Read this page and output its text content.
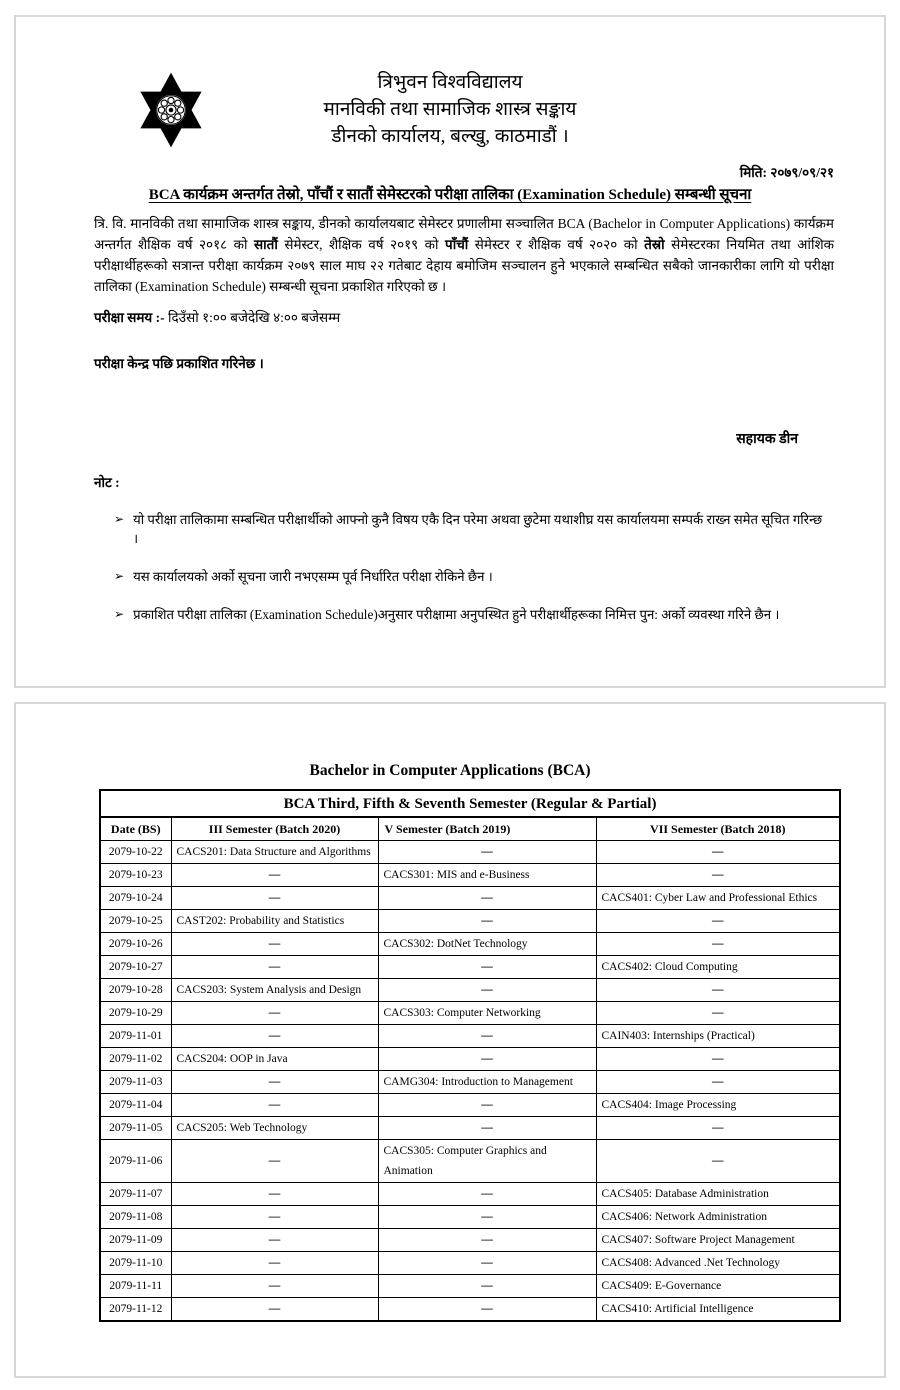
त्रिभुवन विश्वविद्यालय
मानविकी तथा सामाजिक शास्त्र सङ्काय
डीनको कार्यालय, बल्खु, काठमाडौं ।
मिति: २०७९/०९/२१
BCA कार्यक्रम अन्तर्गत तेस्रो, पाँचौं र सातौं सेमेस्टरको परीक्षा तालिका (Examination Schedule) सम्बन्धी सूचना

त्रि. वि. मानविकी तथा सामाजिक शास्त्र सङ्काय, डीनको कार्यालयबाट सेमेस्टर प्रणालीमा सञ्चालित BCA (Bachelor in Computer Applications) कार्यक्रम अन्तर्गत शैक्षिक वर्ष २०१८ को सातौं सेमेस्टर, शैक्षिक वर्ष २०१९ को पाँचौं सेमेस्टर र शैक्षिक वर्ष २०२० को तेस्रो सेमेस्टरका नियमित तथा आंशिक परीक्षार्थीहरूको सत्रान्त परीक्षा कार्यक्रम २०७९ साल माघ २२ गतेबाट देहाय बमोजिम सञ्चालन हुने भएकाले सम्बन्धित सबैको जानकारीका लागि यो परीक्षा तालिका (Examination Schedule) सम्बन्धी सूचना प्रकाशित गरिएको छ ।

परीक्षा समय :- दिउँसो १:०० बजेदेखि ४:०० बजेसम्म
परीक्षा केन्द्र पछि प्रकाशित गरिनेछ ।
सहायक डीन
नोट :
➢ यो परीक्षा तालिकामा सम्बन्धित परीक्षार्थीको आफ्नो कुनै विषय एकै दिन परेमा अथवा छुटेमा यथाशीघ्र यस कार्यालयमा सम्पर्क राख्न समेत सूचित गरिन्छ ।
➢ यस कार्यालयको अर्को सूचना जारी नभएसम्म पूर्व निर्धारित परीक्षा रोकिने छैन ।
➢ प्रकाशित परीक्षा तालिका (Examination Schedule)अनुसार परीक्षामा अनुपस्थित हुने परीक्षार्थीहरूका निमित्त पुन: अर्को व्यवस्था गरिने छैन ।
Bachelor in Computer Applications (BCA)
BCA Third, Fifth & Seventh Semester (Regular & Partial)			
Date (BS)	III Semester (Batch 2020)	V Semester (Batch 2019)	VII Semester (Batch 2018)
2079-10-22	CACS201: Data Structure and Algorithms	—	—
2079-10-23	—	CACS301: MIS and e-Business	—
2079-10-24	—	—	CACS401: Cyber Law and Professional Ethics
2079-10-25	CAST202: Probability and Statistics	—	—
2079-10-26	—	CACS302: DotNet Technology	—
2079-10-27	—	—	CACS402: Cloud Computing
2079-10-28	CACS203: System Analysis and Design	—	—
2079-10-29	—	CACS303: Computer Networking	—
2079-11-01	—	—	CAIN403: Internships (Practical)
2079-11-02	CACS204: OOP in Java	—	—
2079-11-03	—	CAMG304: Introduction to Management	—
2079-11-04	—	—	CACS404: Image Processing
2079-11-05	CACS205: Web Technology	—	—
2079-11-06	—	CACS305: Computer Graphics and Animation	—
2079-11-07	—	—	CACS405: Database Administration
2079-11-08	—	—	CACS406: Network Administration
2079-11-09	—	—	CACS407: Software Project Management
2079-11-10	—	—	CACS408: Advanced .Net Technology
2079-11-11	—	—	CACS409: E-Governance
2079-11-12	—	—	CACS410: Artificial Intelligence
